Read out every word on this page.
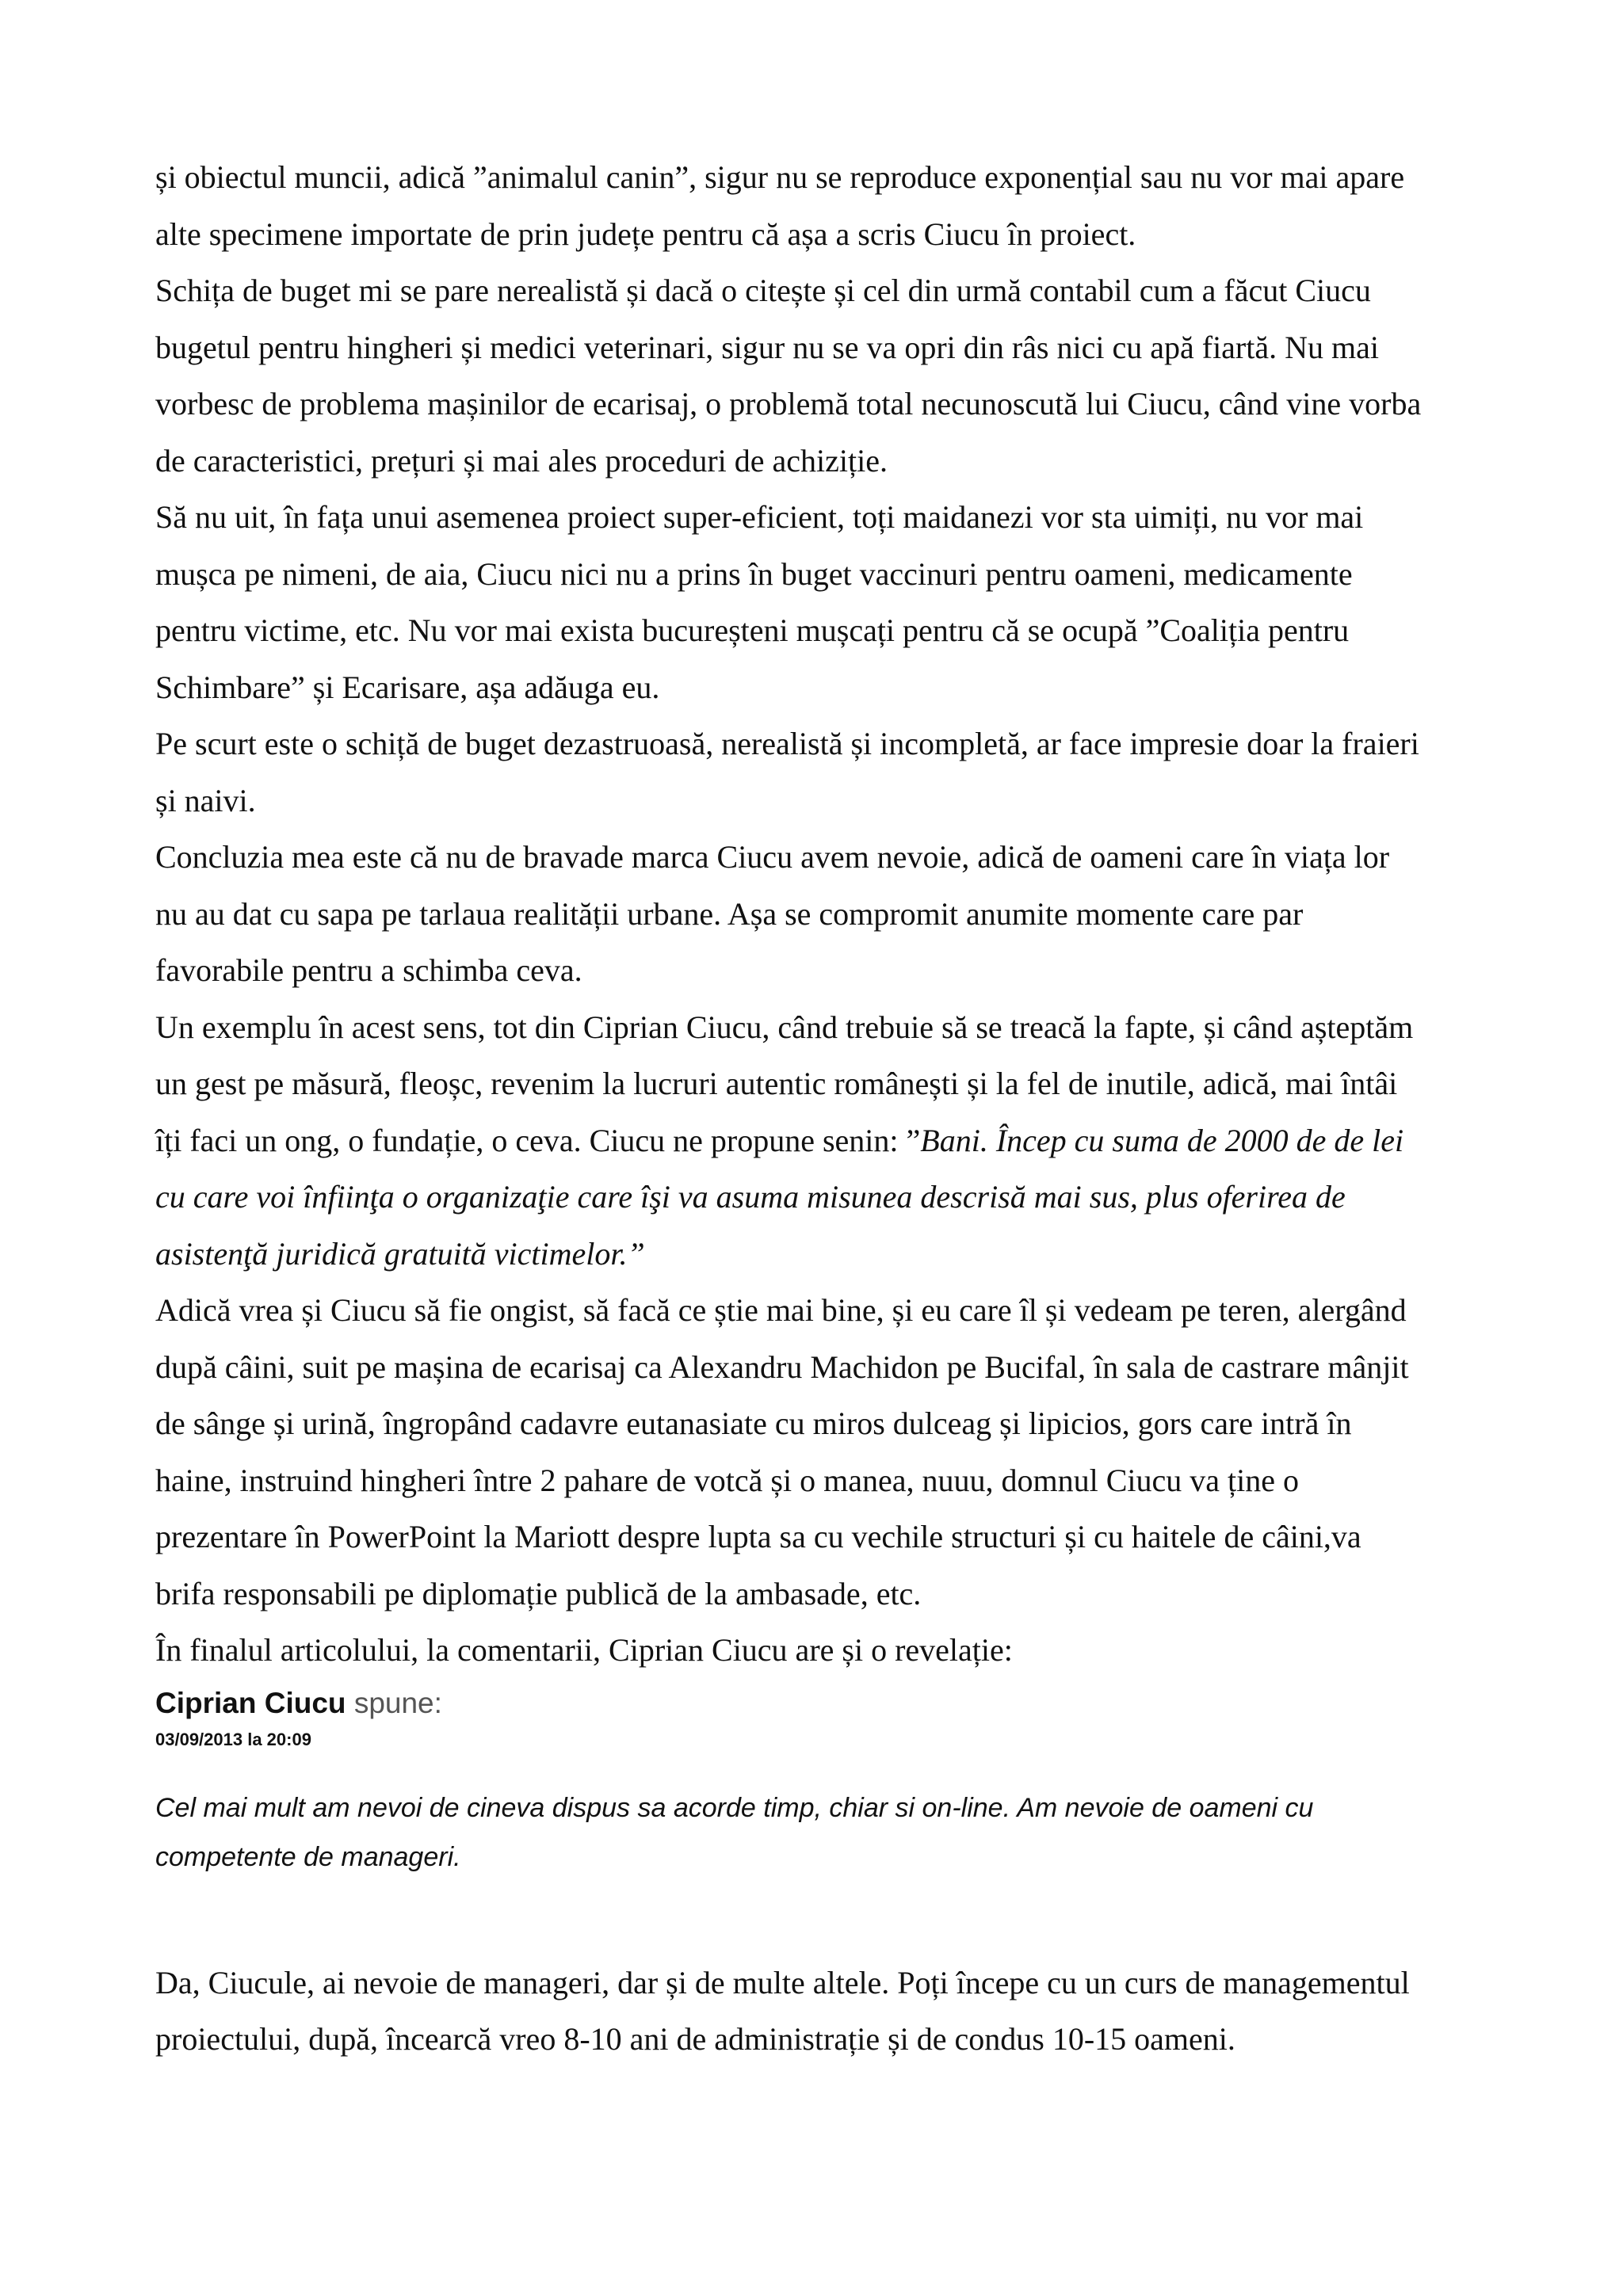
și obiectul muncii, adică ”animalul canin”, sigur nu se reproduce exponențial sau nu vor mai apare
alte specimene importate de prin județe pentru că așa a scris Ciucu în proiect.

Schița de buget mi se pare nerealistă și dacă o citește și cel din urmă contabil cum a făcut Ciucu
bugetul pentru hingheri și medici veterinari, sigur nu se va opri din râs nici cu apă fiartă. Nu mai
vorbesc de problema mașinilor de ecarisaj, o problemă total necunoscută lui Ciucu, când vine vorba
de caracteristici, prețuri și mai ales proceduri de achiziție.

Să nu uit, în fața unui asemenea proiect super-eficient, toți maidanezi vor sta uimiți, nu vor mai
mușca pe nimeni, de aia, Ciucu nici nu a prins în buget vaccinuri pentru oameni, medicamente
pentru victime, etc. Nu vor mai exista bucureșteni mușcați pentru că se ocupă ”Coaliția pentru
Schimbare” și Ecarisare, așa adăuga eu.

Pe scurt este o schiță de buget dezastruoasă, nerealistă și incompletă, ar face impresie doar la fraieri
și naivi.

Concluzia mea este că nu de bravade marca Ciucu avem nevoie, adică de oameni care în viața lor
nu au dat cu sapa pe tarlaua realității urbane. Așa se compromit anumite momente care par
favorabile pentru a schimba ceva.

Un exemplu în acest sens, tot din Ciprian Ciucu, când trebuie să se treacă la fapte, și când așteptăm
un gest pe măsură, fleoșc, revenim la lucruri autentic românești și la fel de inutile, adică, mai întâi
îți faci un ong, o fundație, o ceva. Ciucu ne propune senin: ”Bani. Încep cu suma de 2000 de de lei
cu care voi înfiinţa o organizaţie care îşi va asuma misunea descrisă mai sus, plus oferirea de
asistenţă juridică gratuită victimelor.”

Adică vrea și Ciucu să fie ongist, să facă ce știe mai bine, și eu care îl și vedeam pe teren, alergând
după câini, suit pe mașina de ecarisaj ca Alexandru Machidon pe Bucifal, în sala de castrare mânjit
de sânge și urină, îngropând cadavre eutanasiate cu miros dulceag și lipicios, gors care intră în
haine, instruind hingheri între 2 pahare de votcă și o manea, nuuu, domnul Ciucu va ține o
prezentare în PowerPoint la Mariott despre lupta sa cu vechile structuri și cu haitele de câini,va
brifa responsabili pe diplomație publică de la ambasade, etc.

În finalul articolului, la comentarii, Ciprian Ciucu are și o revelație:

Ciprian Ciucu spune:
03/09/2013 la 20:09
Cel mai mult am nevoi de cineva dispus sa acorde timp, chiar si on-line. Am nevoie de oameni cu
competente de manageri.
Da, Ciucule, ai nevoie de manageri, dar și de multe altele. Poți începe cu un curs de managementul
proiectului, după, încearcă vreo 8-10 ani de administrație și de condus 10-15 oameni.
